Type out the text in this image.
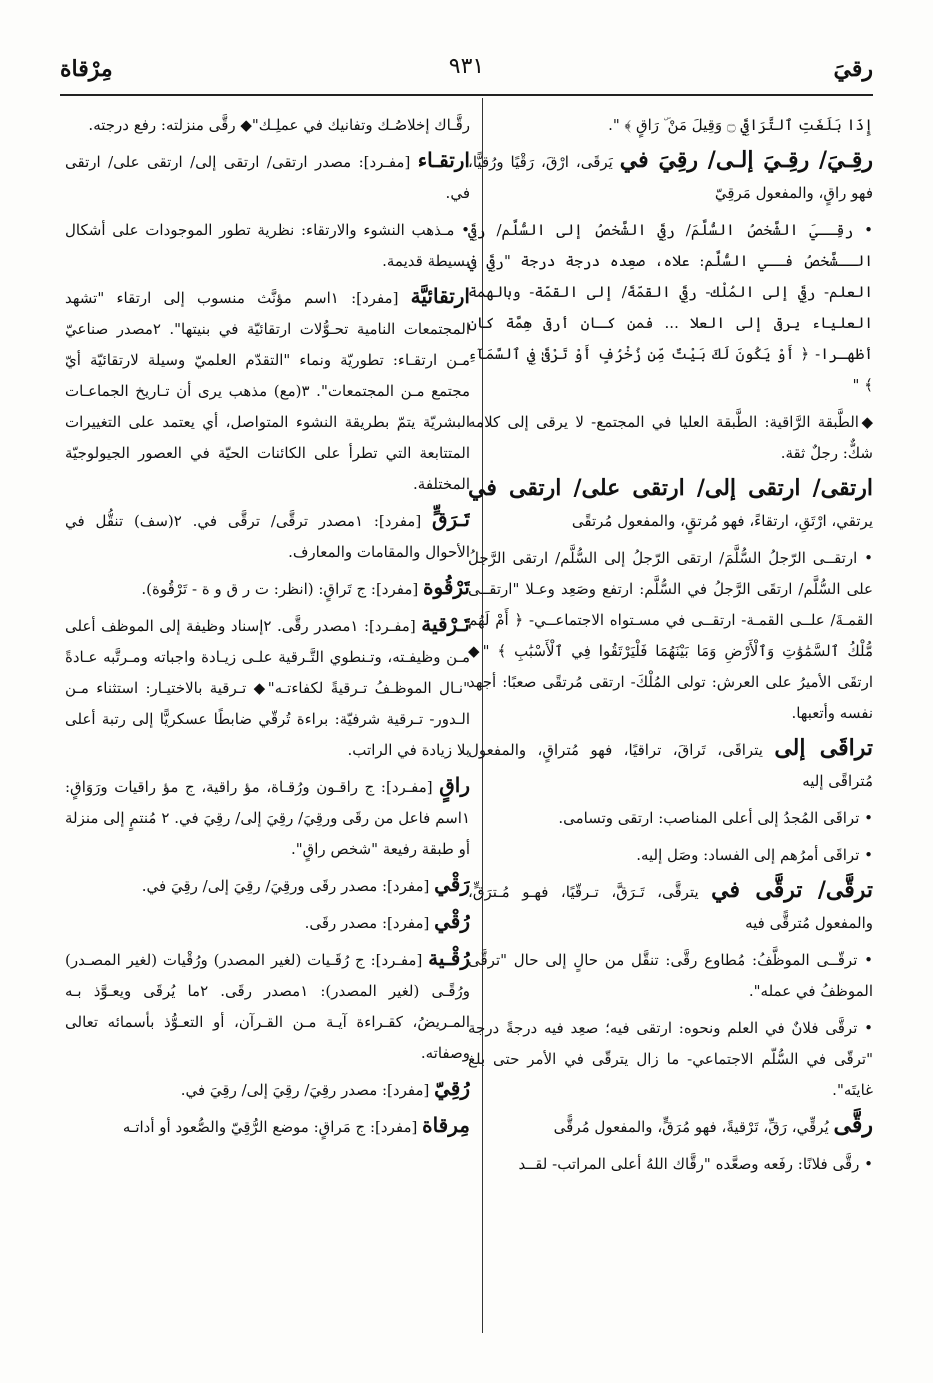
رقيَ
٩٣١
مِرْقاة

إِذَا بَلَغَتِ ٱلتَّرَاقِيَ ۝ وَقِيلَ مَنْ ۜ رَاقٍ ﴾ ".

رقِـيَ/ رقِـيَ إلـى/ رقِيَ في يَرقَى، ارْقَ، رَقْيًا ورُقيًّا، فهو راقٍ، والمفعول مَرقِيّ

• رقِــيَ الشَّخصُ السُّلَّمَ/ رقِيَ الشَّخصُ إلى السُّلَّم/ رقِيَ الــشَّخصُ فــي السُّلَّم: علاه، صعِده درجة درجة "رقِيَ في العلم- رقِيَ إلى المُلْك- رقِيَ القمّةَ/ إلى القمّة- وبالهمة العلياء يرقى إلى العلا ... فمن كـان أرقى هِمَّة كان أظهـرا- ﴿ أَوْ يَكُونَ لَكَ بَيْتٌ مِّن زُخْرُفٍ أَوْ تَرْقَىٰ فِي ٱلسَّمَآءِ ﴾ "

◆الطَّبقة الرَّاقية: الطَّبقة العليا في المجتمع- لا يرقى إلى كلامه شكٌّ: رجلٌ ثقة.

ارتقى/ ارتقى إلى/ ارتقى على/ ارتقى في يرتقي، ارْتَقِ، ارتقاءً، فهو مُرتقٍ، والمفعول مُرتقًى

• ارتقــى الرّجلُ السُّلَّمَ/ ارتقى الرّجلُ إلى السُّلَّم/ ارتقى الرَّجلُ على السُّلَّم/ ارتقَى الرَّجلُ في السُّلَّم: ارتفع وصَعِد وعـلا "ارتقــى القمـةَ/ علــى القمـة- ارتقــى في مسـتواه الاجتماعــي- ﴿ أَمْ لَهُم مُّلْكُ ٱلسَّمَٰوَٰتِ وَٱلْأَرْضِ وَمَا بَيْنَهُمَا فَلْيَرْتَقُوا فِي ٱلْأَسْبَٰبِ ﴾ "◆ ارتقَى الأميرُ على العرش: تولى المُلْكَ- ارتقى مُرتقًى صعبًا: أجهد نفسه وأتعبها.

تراقَى إلى يتراقَى، تَراقَ، تراقيًا، فهو مُتراقٍ، والمفعول مُتراقًى إليه

• تراقَى المُجدُ إلى أعلى المناصب: ارتقى وتسامى.

• تراقَى أمرُهم إلى الفساد: وصَل إليه.

ترقَّى/ ترقَّى في يترقَّى، تَـرَقَّ، تـرقّيًا، فهـو مُـترَقٍّ، والمفعول مُترقًّى فيه

• ترقّــى الموظَّفُ: مُطاوع رقَّى: تنقَّل من حالٍ إلى حال "ترقَّى الموظفُ في عمله".

• ترقَّى فلانٌ في العلم ونحوه: ارتقى فيه؛ صعِد فيه درجةً درجة "ترقّى في السُّلّم الاجتماعي- ما زال يترقّى في الأمر حتى بلغ غايتَه".

رقَّى يُرقِّي، رَقِّ، تَرْقيةً، فهو مُرَقٍّ، والمفعول مُرقًّى

• رقَّى فلانًا: رفَعه وصعَّده "رقَّاك اللهُ أعلى المراتب- لقــد

رقَّـاك إخلاصُـك وتفانيك في عملِـك"◆ رقَّى منزلته: رفع درجته.

ارتقـاء [مفـرد]: مصدر ارتقى/ ارتقى إلى/ ارتقى على/ ارتقى في.

• مـذهب النشوء والارتقاء: نظرية تطور الموجودات على أشكال بسيطة قديمة.

ارتقائيَّة [مفرد]: ١اسم مؤنَّث منسوب إلى ارتقاء "تشهد المجتمعات النامية تحـوُّلات ارتقائيّة في بنيتها". ٢مصدر صناعيّ مـن ارتقـاء: تطوريّة ونماء "التقدّم العلميّ وسيلة لارتقائيّة أيّ مجتمع مـن المجتمعات". ٣(مع) مذهب يرى أن تـاريخ الجماعـات البشريّة يتمّ بطريقة النشوء المتواصل، أي يعتمد على التغييرات المتتابعة التي تطرأ على الكائنات الحيّة في العصور الجيولوجيّة المختلفة.

تَـرَقٍّ [مفرد]: ١مصدر ترقَّى/ ترقَّى في. ٢(سف) تنقُّل في الأحوال والمقامات والمعارف.

تَرْقُوة [مفرد]: ج تَراقٍ: (انظر: ت ر ق و ة - تَرْقُوة).

تَـرْقية [مفـرد]: ١مصدر رقَّى. ٢إسناد وظيفة إلى الموظف أعلى مـن وظيفـته، وتـنطوي التَّـرقية علـى زيـادة واجباته ومـرتَّبه عـادةً "نـال الموظـفُ تـرقيةً لكفاءتـه"◆ تـرقية بالاختيـار: استثناء مـن الـدور- تـرقية شرفيّة: براءة تُرقّي ضابطًا عسكريًّا إلى رتبة أعلى بلا زيادة في الراتب.

راقٍ [مفـرد]: ج راقـون ورُقـاة، مؤ راقية، ج مؤ راقيات ورَوَاقٍ: ١اسم فاعل من رقَى ورقِيَ/ رقِيَ إلى/ رقِيَ في. ٢ مُنتمٍ إلى منزلة أو طبقة رفيعة "شخص راقٍ".

رَقْي [مفرد]: مصدر رقَى ورقِيَ/ رقِيَ إلى/ رقِيَ في.

رُقْي [مفرد]: مصدر رقَى.

رُقْـية [مفـرد]: ج رُقَـيات (لغير المصدر) ورُقْيات (لغير المصـدر) ورُقًـى (لغير المصدر): ١مصدر رقَى. ٢ما يُرقَى ويعـوَّذ بـه المـريضُ، كقـراءة آيـة مـن القـرآن، أو التعـوُّذ بأسمائه تعالى وصفاته.

رُقِيّ [مفرد]: مصدر رقِيَ/ رقِيَ إلى/ رقِيَ في.

مِرقاة [مفرد]: ج مَراقٍ: موضع الرُّقِيّ والصُّعود أو أداتـه
